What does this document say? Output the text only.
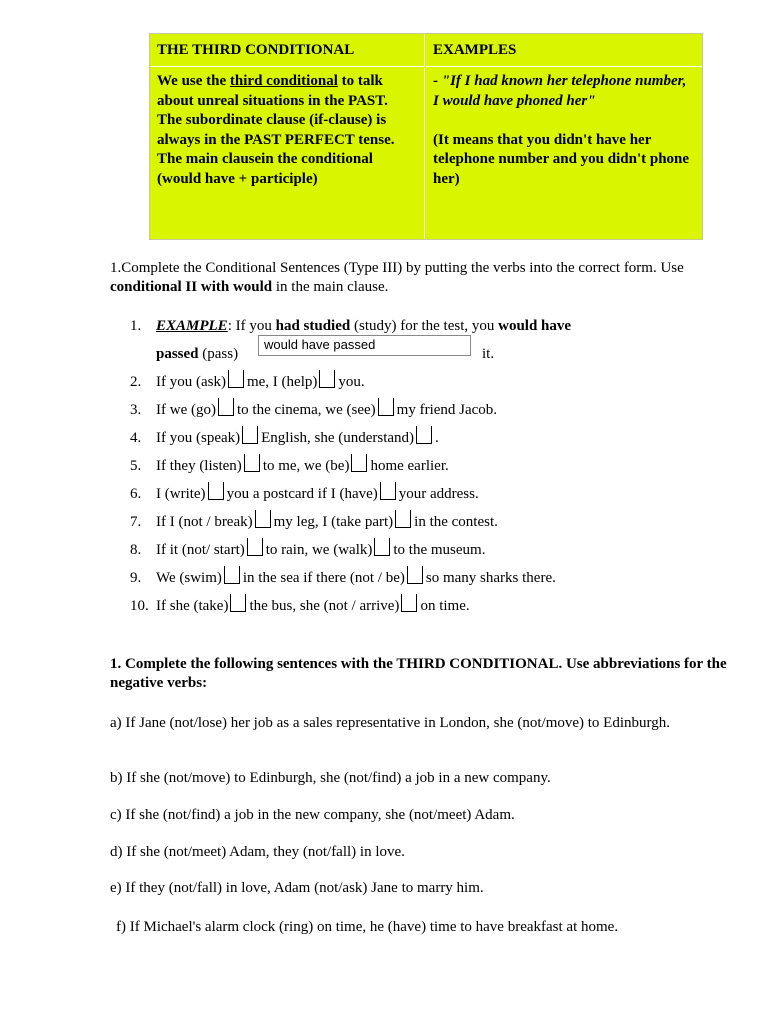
THE THIRD CONDITIONAL	EXAMPLES
We use the third conditional to talk about unreal situations in the PAST.
The subordinate clause (if-clause) is always in the PAST PERFECT tense. The main clausein the conditional (would have + participle)
- "If I had known her telephone number, I would have phoned her"

(It means that you didn't have her telephone number and you didn't phone her)
1.Complete the Conditional Sentences (Type III) by putting the verbs into the correct form. Use conditional II with would in the main clause.
1. EXAMPLE: If you had studied (study) for the test, you would have
passed (pass)
would have passed
it.
2. If you (ask) me, I (help) you.
3. If we (go) to the cinema, we (see) my friend Jacob.
4. If you (speak) English, she (understand) .
5. If they (listen) to me, we (be) home earlier.
6. I (write) you a postcard if I (have) your address.
7. If I (not / break) my leg, I (take part) in the contest.
8. If it (not/ start) to rain, we (walk) to the museum.
9. We (swim) in the sea if there (not / be) so many sharks there.
10. If she (take) the bus, she (not / arrive) on time.
1. Complete the following sentences with the THIRD CONDITIONAL. Use abbreviations for the negative verbs:
a) If Jane (not/lose) her job as a sales representative in London, she (not/move) to Edinburgh.
b) If she (not/move) to Edinburgh, she (not/find) a job in a new company.
c) If she (not/find) a job in the new company, she (not/meet) Adam.
d) If she (not/meet) Adam, they (not/fall) in love.
e) If they (not/fall) in love, Adam (not/ask) Jane to marry him.
f) If Michael's alarm clock (ring) on time, he (have) time to have breakfast at home.
